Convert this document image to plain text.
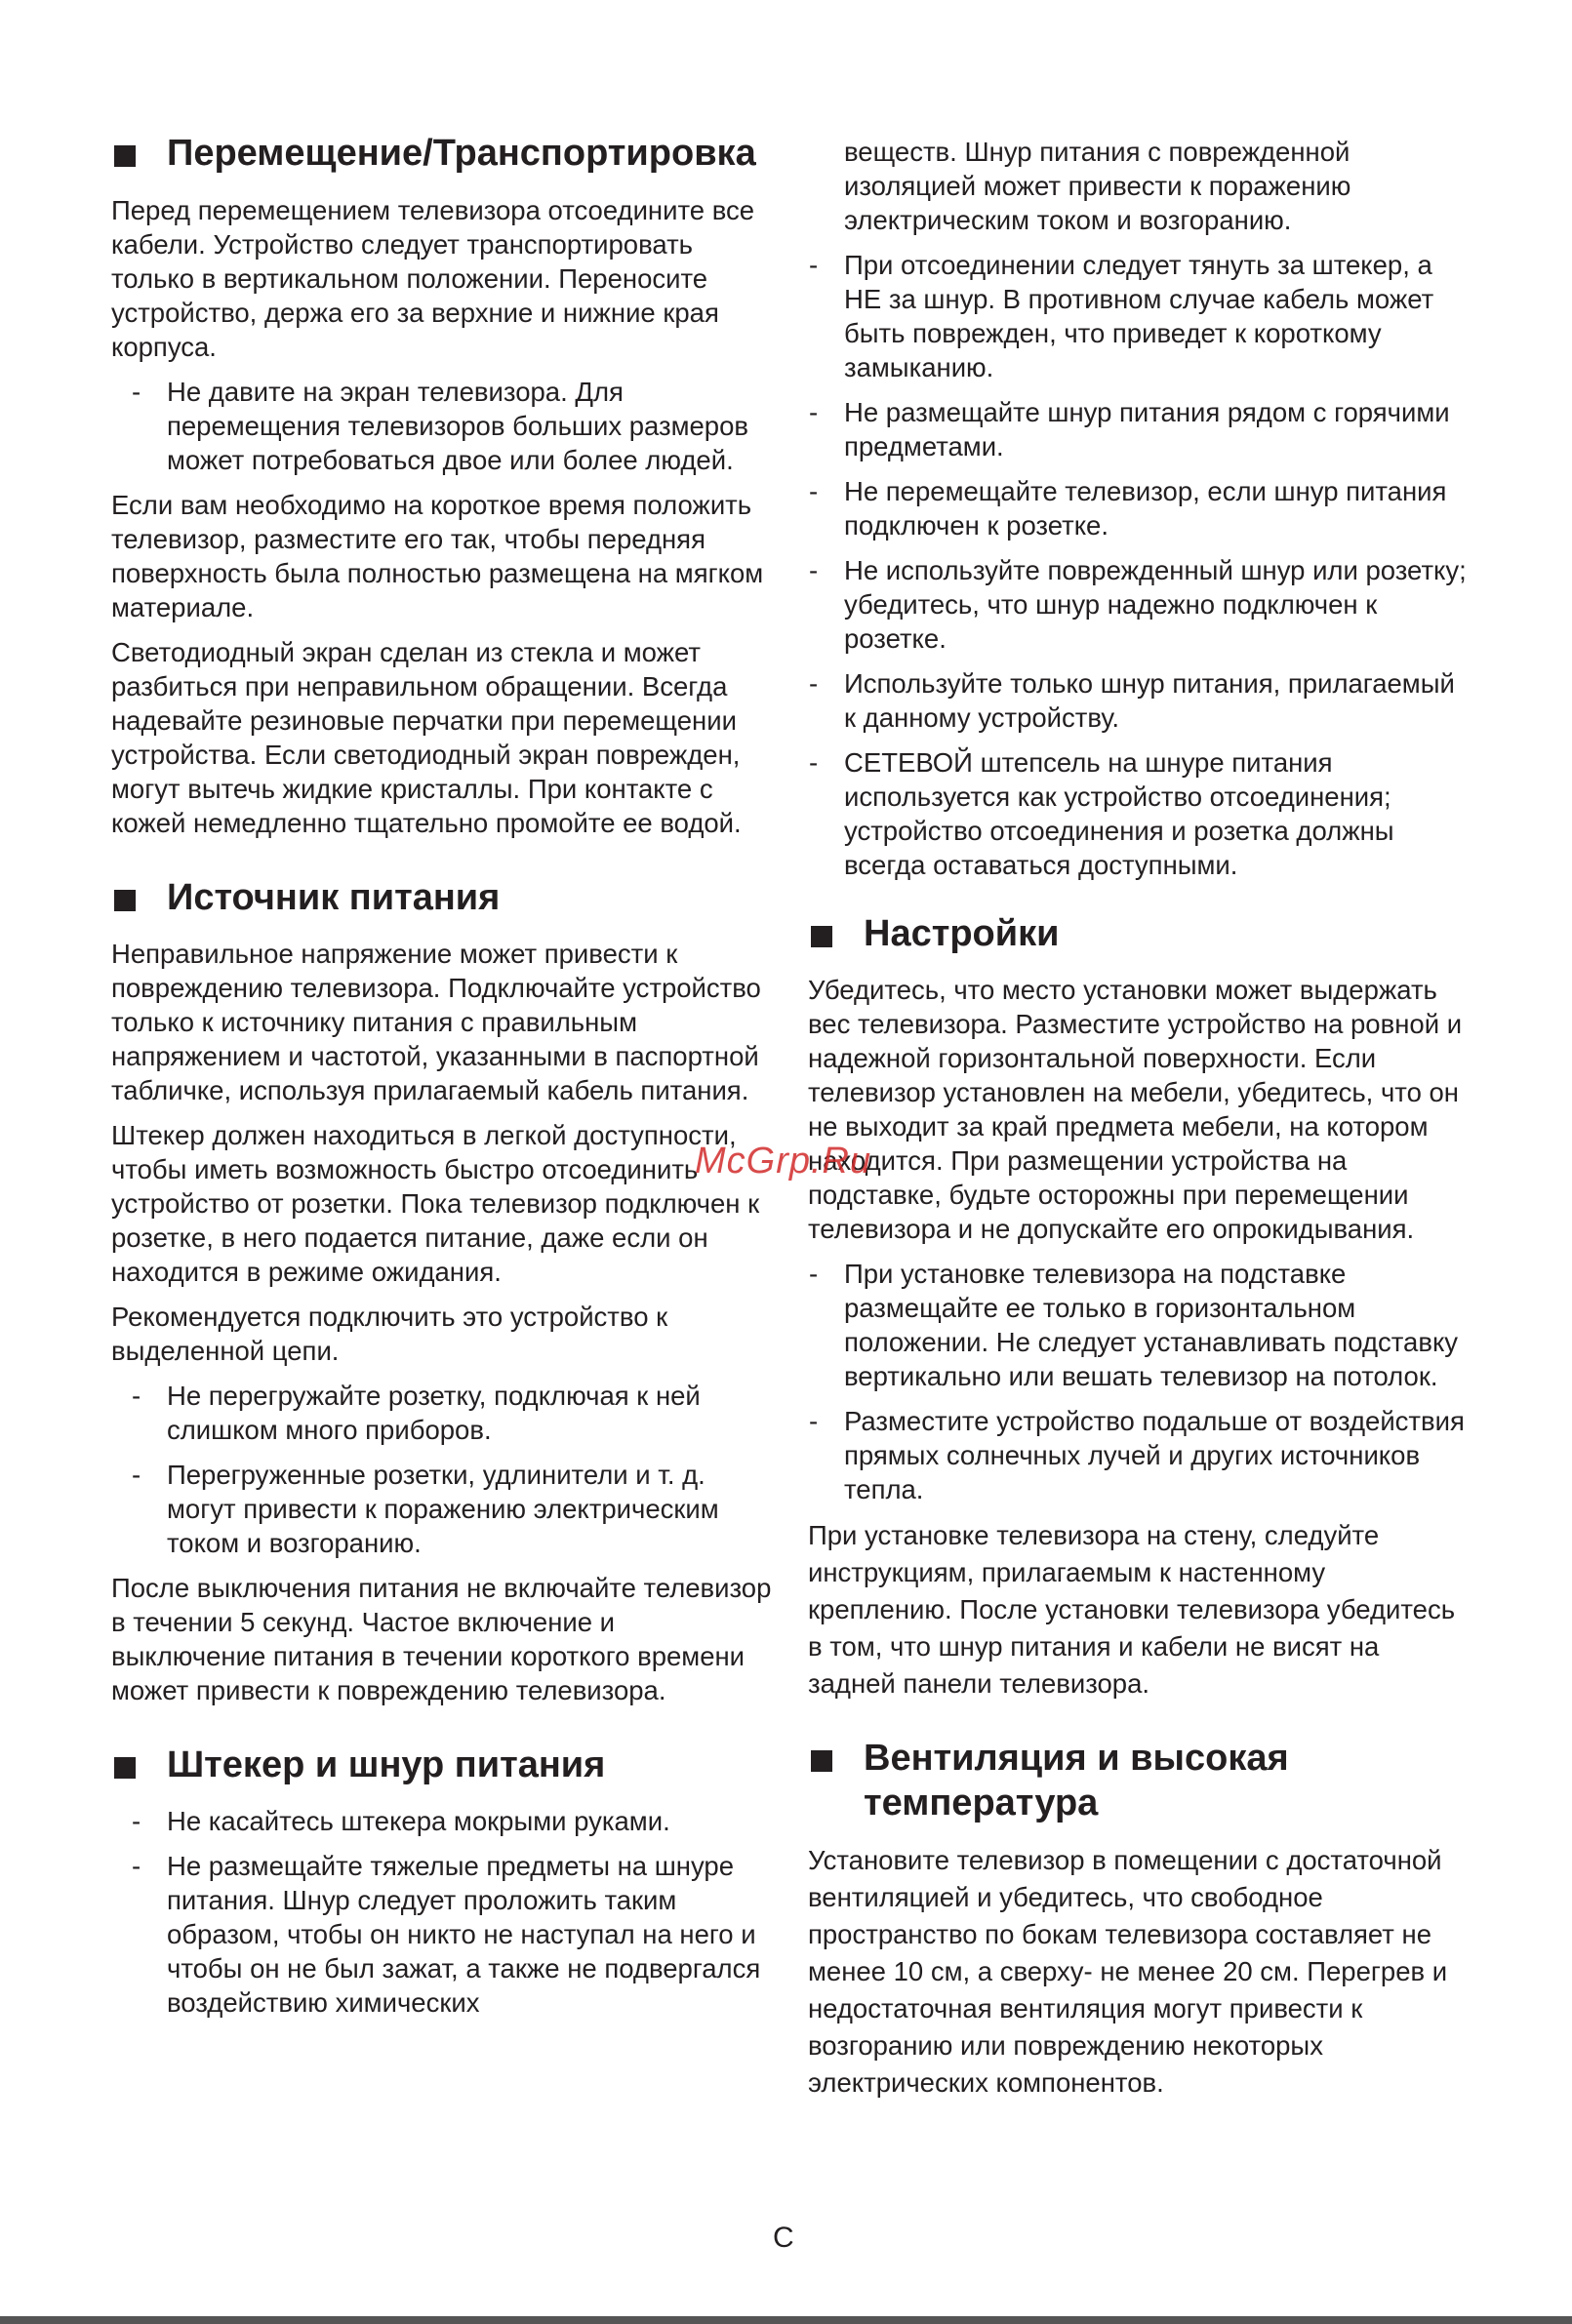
Перемещение/Транспортировка

Перед перемещением телевизора отсоедините все кабели. Устройство следует транспортировать только в вертикальном положении. Переносите устройство, держа его за верхние и нижние края корпуса.

- Не давите на экран телевизора. Для перемещения телевизоров больших размеров может потребоваться двое или более людей.

Если вам необходимо на короткое время положить телевизор, разместите его так, чтобы передняя поверхность была полностью размещена на мягком материале.

Светодиодный экран сделан из стекла и может разбиться при неправильном обращении. Всегда надевайте резиновые перчатки при перемещении устройства. Если светодиодный экран поврежден, могут вытечь жидкие кристаллы. При контакте с кожей немедленно тщательно промойте ее водой.

Источник питания

Неправильное напряжение может привести к повреждению телевизора. Подключайте устройство только к источнику питания с правильным напряжением и частотой, указанными в паспортной табличке, используя прилагаемый кабель питания.

Штекер должен находиться в легкой доступности, чтобы иметь возможность быстро отсоединить устройство от розетки. Пока телевизор подключен к розетке, в него подается питание, даже если он находится в режиме ожидания.

Рекомендуется подключить это устройство к выделенной цепи.

- Не перегружайте розетку, подключая к ней слишком много приборов.
- Перегруженные розетки, удлинители и т. д. могут привести к поражению электрическим током и возгоранию.

После выключения питания не включайте телевизор в течении 5 секунд. Частое включение и выключение питания в течении короткого времени может привести к повреждению телевизора.

Штекер и шнур питания
- Не касайтесь штекера мокрыми руками.
- Не размещайте тяжелые предметы на шнуре питания. Шнур следует проложить таким образом, чтобы он никто не наступал на него и чтобы он не был зажат, а также не подвергался воздействию химических

веществ. Шнур питания с поврежденной изоляцией может привести к поражению электрическим током и возгоранию.

- При отсоединении следует тянуть за штекер, а НЕ за шнур. В противном случае кабель может быть поврежден, что приведет к короткому замыканию.
- Не размещайте шнур питания рядом с горячими предметами.
- Не перемещайте телевизор, если шнур питания подключен к розетке.
- Не используйте поврежденный шнур или розетку; убедитесь, что шнур надежно подключен к розетке.
- Используйте только шнур питания, прилагаемый к данному устройству.
- СЕТЕВОЙ штепсель на шнуре питания используется как устройство отсоединения; устройство отсоединения и розетка должны всегда оставаться доступными.
Настройки

Убедитесь, что место установки может выдержать вес телевизора. Разместите устройство на ровной и надежной горизонтальной поверхности. Если телевизор установлен на мебели, убедитесь, что он не выходит за край предмета мебели, на котором находится. При размещении устройства на подставке, будьте осторожны при перемещении телевизора и не допускайте его опрокидывания.

- При установке телевизора на подставке размещайте ее только в горизонтальном положении. Не следует устанавливать подставку вертикально или вешать телевизор на потолок.
- Разместите устройство подальше от воздействия прямых солнечных лучей и других источников тепла.

При установке телевизора на стену, следуйте инструкциям, прилагаемым к настенному креплению. После установки телевизора убедитесь в том, что шнур питания и кабели не висят на задней панели телевизора.

Вентиляция и высокая
температура

Установите телевизор в помещении с достаточной вентиляцией и убедитесь, что свободное пространство по бокам телевизора составляет не менее 10 см, а сверху- не менее 20 см. Перегрев и недостаточная вентиляция могут привести к возгоранию или повреждению некоторых электрических компонентов.

McGrp.Ru
C
